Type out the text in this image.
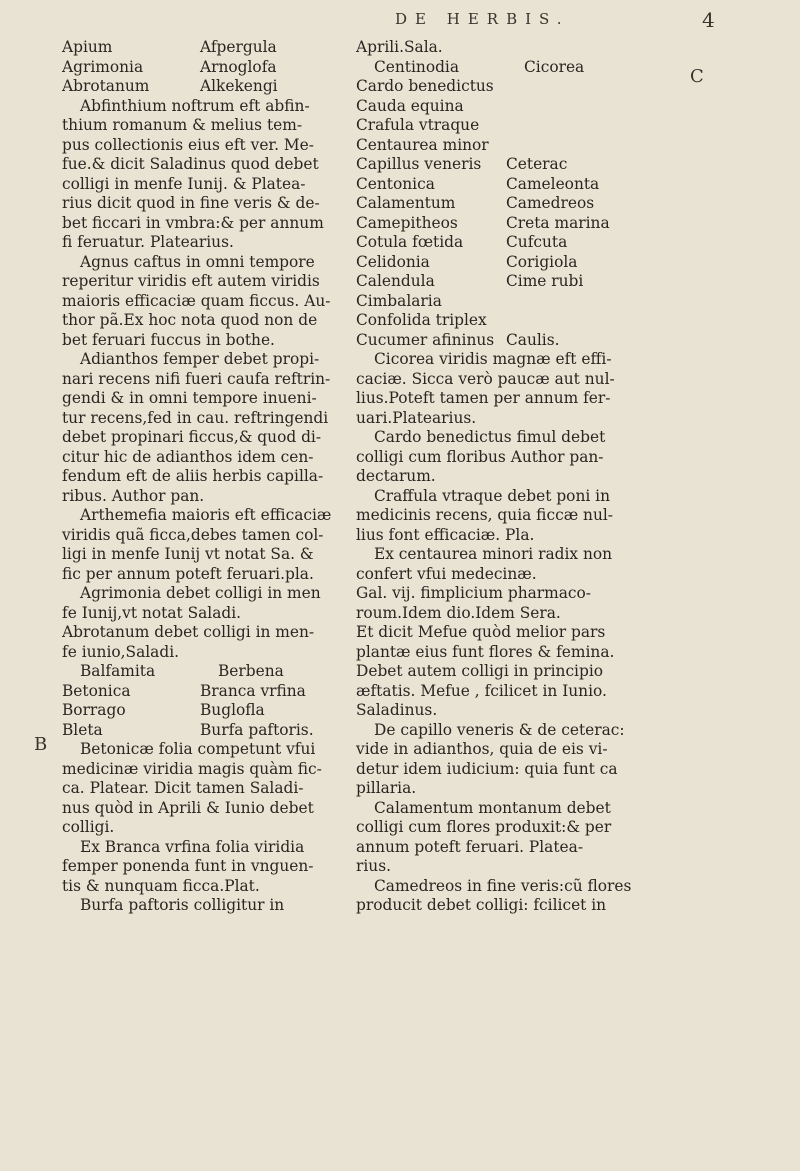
DE HERBIS.	4
C
B
Apium	Afpergula
Agrimonia	Arnoglofa
Abrotanum	Alkekengi
Abfinthium noftrum eft abfin-
thium romanum & melius tem-
pus collectionis eius eft ver. Me-
fue.& dicit Saladinus quod debet
colligi in menfe Iunij. & Platea-
rius dicit quod in fine veris & de-
bet ficcari in vmbra:& per annum
fi feruatur. Platearius.
Agnus caftus in omni tempore
reperitur viridis eft autem viridis
maioris efficaciæ quam ficcus. Au-
thor pã.Ex hoc nota quod non de
bet feruari fuccus in bothe.
Adianthos femper debet propi-
nari recens nifi fueri caufa reftrin-
gendi & in omni tempore inueni-
tur recens,fed in cau. reftringendi
debet propinari ficcus,& quod di-
citur hic de adianthos idem cen-
fendum eft de aliis herbis capilla-
ribus. Author pan.
Arthemefia maioris eft efficaciæ
viridis quã ficca,debes tamen col-
ligi in menfe Iunij vt notat Sa. &
fic per annum poteft feruari.pla.
Agrimonia debet colligi in men
fe Iunij,vt notat Saladi.
Abrotanum debet colligi in men-
fe iunio,Saladi.
Balfamita	Berbena
Betonica	Branca vrfina
Borrago	Buglofla
Bleta	Burfa paftoris.
Betonicæ folia competunt vfui
medicinæ viridia magis quàm fic-
ca. Platear. Dicit tamen Saladi-
nus quòd in Aprili & Iunio debet
colligi.
Ex Branca vrfina folia viridia
femper ponenda funt in vnguen-
tis & nunquam ficca.Plat.
Burfa paftoris colligitur in
Aprili.Sala.
Centinodia	Cicorea
Cardo benedictus
Cauda equina
Crafula vtraque
Centaurea minor
Capillus veneris	Ceterac
Centonica	Cameleonta
Calamentum	Camedreos
Camepitheos	Creta marina
Cotula fœtida	Cufcuta
Celidonia	Corigiola
Calendula	Cime rubi
Cimbalaria
Confolida triplex
Cucumer afininus Caulis.
Cicorea viridis magnæ eft effi-
caciæ. Sicca verò paucæ aut nul-
lius.Poteft tamen per annum fer-
uari.Platearius.
Cardo benedictus fimul debet
colligi cum floribus Author pan-
dectarum.
Craffula vtraque debet poni in
medicinis recens, quia ficcæ nul-
lius font efficaciæ. Pla.
Ex centaurea minori radix non
confert vfui medecinæ.
Gal. vij. fimplicium pharmaco-
roum.Idem dio.Idem Sera.
Et dicit Mefue quòd melior pars
plantæ eius funt flores & femina.
Debet autem colligi in principio
æftatis. Mefue , fcilicet in Iunio.
Saladinus.
De capillo veneris & de ceterac:
vide in adianthos, quia de eis vi-
detur idem iudicium: quia funt ca
pillaria.
Calamentum montanum debet
colligi cum flores produxit:& per
annum poteft feruari. Platea-
rius.
Camedreos in fine veris:cũ flores
producit debet colligi: fcilicet in
